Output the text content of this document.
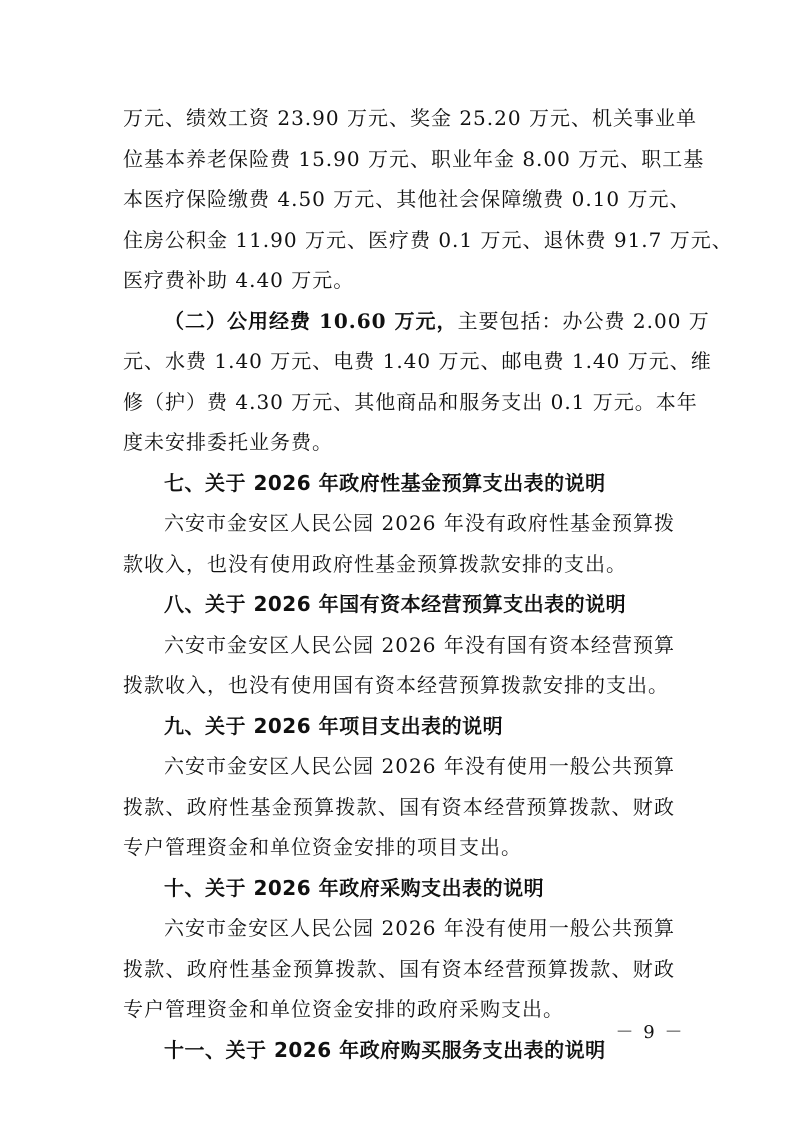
万元、绩效工资 23.90 万元、奖金 25.20 万元、机关事业单
位基本养老保险费 15.90 万元、职业年金 8.00 万元、职工基
本医疗保险缴费 4.50 万元、其他社会保障缴费 0.10 万元、
住房公积金 11.90 万元、医疗费 0.1 万元、退休费 91.7 万元、
医疗费补助 4.40 万元。
（二）公用经费 10.60 万元，主要包括：办公费 2.00 万
元、水费 1.40 万元、电费 1.40 万元、邮电费 1.40 万元、维
修（护）费 4.30 万元、其他商品和服务支出 0.1 万元。本年
度未安排委托业务费。
七、关于 2026 年政府性基金预算支出表的说明
六安市金安区人民公园 2026 年没有政府性基金预算拨
款收入，也没有使用政府性基金预算拨款安排的支出。
八、关于 2026 年国有资本经营预算支出表的说明
六安市金安区人民公园 2026 年没有国有资本经营预算
拨款收入，也没有使用国有资本经营预算拨款安排的支出。
九、关于 2026 年项目支出表的说明
六安市金安区人民公园 2026 年没有使用一般公共预算
拨款、政府性基金预算拨款、国有资本经营预算拨款、财政
专户管理资金和单位资金安排的项目支出。
十、关于 2026 年政府采购支出表的说明
六安市金安区人民公园 2026 年没有使用一般公共预算
拨款、政府性基金预算拨款、国有资本经营预算拨款、财政
专户管理资金和单位资金安排的政府采购支出。
十一、关于 2026 年政府购买服务支出表的说明
－ 9 －
